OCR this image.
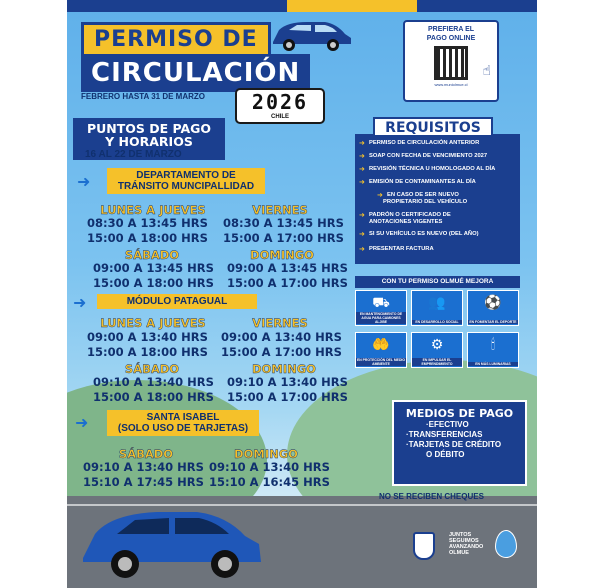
PERMISO DE
CIRCULACIÓN
FEBRERO HASTA 31 DE MARZO	2026
CHILE
PREFIERA EL
PAGO ONLINE
www.muniolmue.cl
☝
PUNTOS DE PAGO
Y HORARIOS
16 AL 22 DE MARZO
➜	DEPARTAMENTO DE
TRÁNSITO MUNCIPALLIDAD
LUNES A JUEVES
08:30 A 13:45 HRS
15:00 A 18:00 HRS
VIERNES
08:30 A 13:45 HRS
15:00 A 17:00 HRS
SÁBADO
09:00 A 13:45 HRS
15:00 A 18:00 HRS
DOMINGO
09:00 A 13:45 HRS
15:00 A 17:00 HRS
➜	MÓDULO PATAGUAL
LUNES A JUEVES
09:00 A 13:40 HRS
15:00 A 18:00 HRS
VIERNES
09:00 A 13:40 HRS
15:00 A 17:00 HRS
SÁBADO
09:10 A 13:40 HRS
15:00 A 18:00 HRS
DOMINGO
09:10 A 13:40 HRS
15:00 A 17:00 HRS
➜	SANTA ISABEL
(SOLO USO DE TARJETAS)
SÁBADO
09:10 A 13:40 HRS
15:10 A 17:45 HRS
DOMINGO
09:10 A 13:40 HRS
15:10 A 16:45 HRS
➜ PERMISO DE CIRCULACIÓN ANTERIOR
➜ SOAP CON FECHA DE VENCIMIENTO 2027
➜ REVISIÓN TÉCNICA U HOMOLOGADO AL DÍA
➜ EMISIÓN DE CONTAMINANTES AL DÍA
➜ EN CASO DE SER NUEVO
PROPIETARIO DEL VEHÍCULO
➜ PADRÓN O CERTIFICADO DE
ANOTACIONES VIGENTES
➜ SI SU VEHÍCULO ES NUEVO (DEL AÑO)
➜ PRESENTAR FACTURA
REQUISITOS
CON TU PERMISO OLMUÉ MEJORA
⛟
EN MANTENCIMIENTO DE AGUA PARA CAMIONES ALJIBE
👥
EN DESARROLLO SOCIAL
⚽
EN FOMENTAR EL DEPORTE
🤲
EN PROTECCIÓN DEL MEDIO AMBIENTE
⚙
EN IMPULSAR EL EMPRENDIMIENTO
🕯
EN MÁS LUMINARIAS
MEDIOS DE PAGO
·EFECTIVO
·TRANSFERENCIAS
·TARJETAS DE CRÉDITO
O DÉBITO
NO SE RECIBEN CHEQUES
JUNTOS
SEGUIMOS
AVANZANDO
OLMUE
